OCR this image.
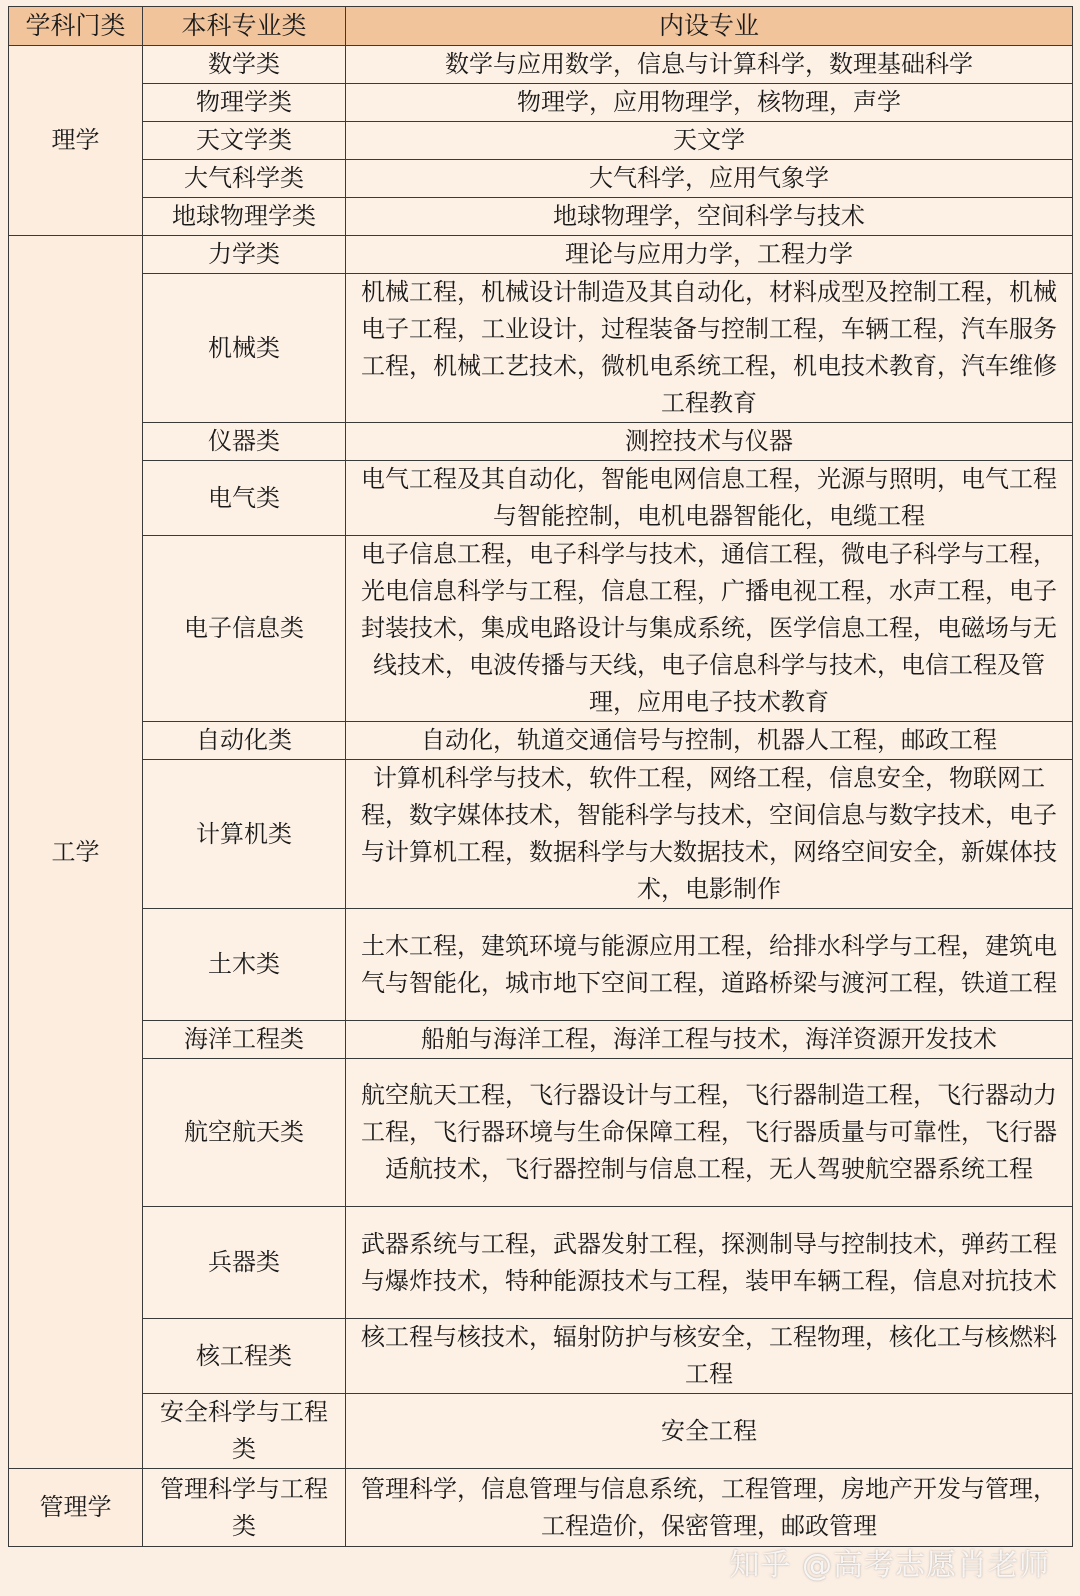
学科门类	本科专业类	内设专业
理学	数学类	数学与应用数学，信息与计算科学，数理基础科学
	物理学类	物理学，应用物理学，核物理，声学
	天文学类	天文学
	大气科学类	大气科学，应用气象学
	地球物理学类	地球物理学，空间科学与技术
工学	力学类	理论与应用力学，工程力学
	机械类	机械工程，机械设计制造及其自动化，材料成型及控制工程，机械电子工程，工业设计，过程装备与控制工程，车辆工程，汽车服务工程，机械工艺技术，微机电系统工程，机电技术教育，汽车维修工程教育
	仪器类	测控技术与仪器
	电气类	电气工程及其自动化，智能电网信息工程，光源与照明，电气工程与智能控制，电机电器智能化，电缆工程
	电子信息类	电子信息工程，电子科学与技术，通信工程，微电子科学与工程，光电信息科学与工程，信息工程，广播电视工程，水声工程，电子封装技术，集成电路设计与集成系统，医学信息工程，电磁场与无线技术，电波传播与天线，电子信息科学与技术，电信工程及管理，应用电子技术教育
	自动化类	自动化，轨道交通信号与控制，机器人工程，邮政工程
	计算机类	计算机科学与技术，软件工程，网络工程，信息安全，物联网工程，数字媒体技术，智能科学与技术，空间信息与数字技术，电子与计算机工程，数据科学与大数据技术，网络空间安全，新媒体技术，电影制作
	土木类	土木工程，建筑环境与能源应用工程，给排水科学与工程，建筑电气与智能化，城市地下空间工程，道路桥梁与渡河工程，铁道工程
	海洋工程类	船舶与海洋工程，海洋工程与技术，海洋资源开发技术
	航空航天类	航空航天工程，飞行器设计与工程，飞行器制造工程，飞行器动力工程，飞行器环境与生命保障工程，飞行器质量与可靠性，飞行器适航技术，飞行器控制与信息工程，无人驾驶航空器系统工程
	兵器类	武器系统与工程，武器发射工程，探测制导与控制技术，弹药工程与爆炸技术，特种能源技术与工程，装甲车辆工程，信息对抗技术
	核工程类	核工程与核技术，辐射防护与核安全，工程物理，核化工与核燃料工程
	安全科学与工程类	安全工程
管理学	管理科学与工程类	管理科学，信息管理与信息系统，工程管理，房地产开发与管理，工程造价，保密管理，邮政管理
知乎 @高考志愿肖老师
